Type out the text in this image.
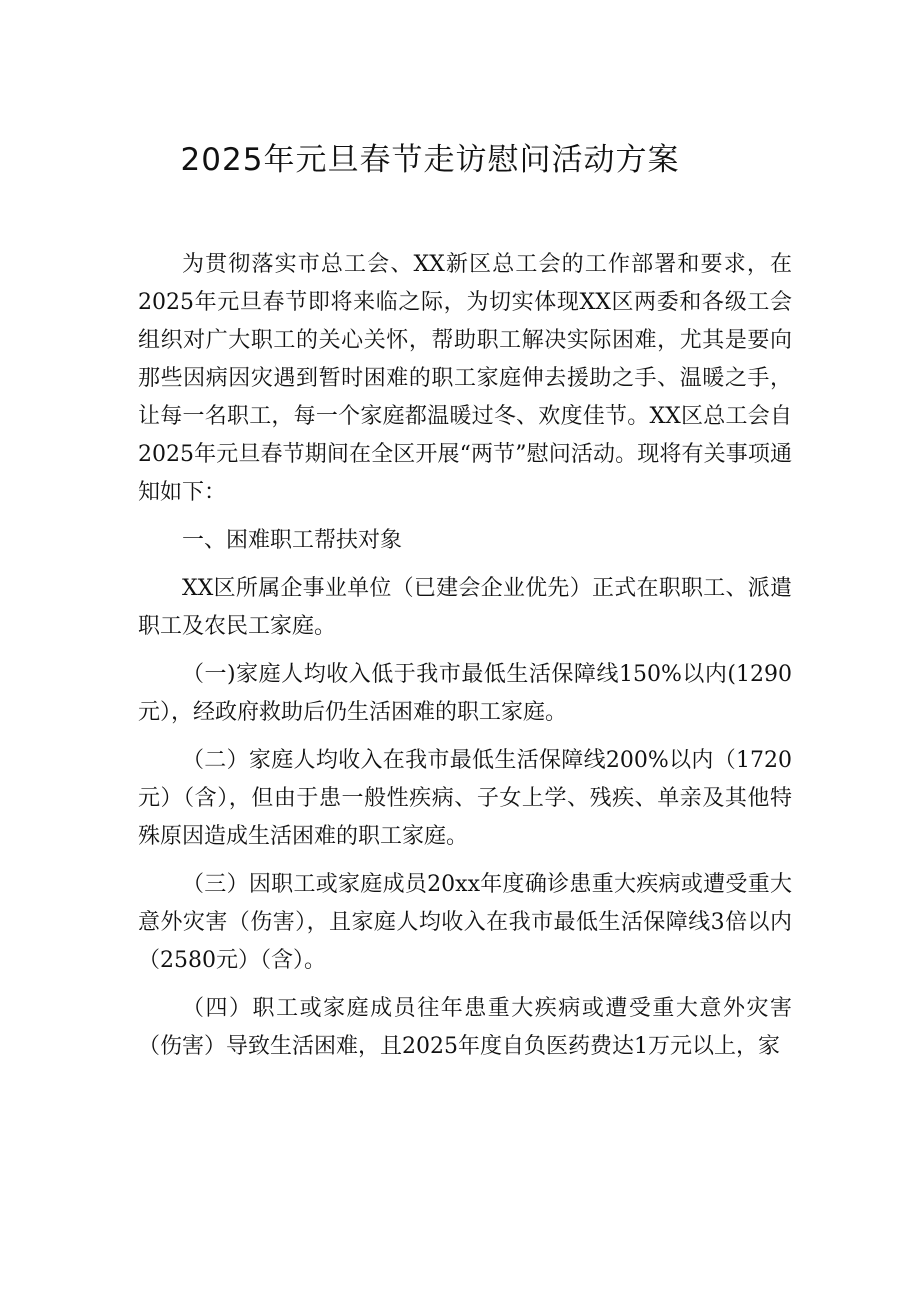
2025年元旦春节走访慰问活动方案

为贯彻落实市总工会、XX新区总工会的工作部署和要求，在2025年元旦春节即将来临之际，为切实体现XX区两委和各级工会组织对广大职工的关心关怀，帮助职工解决实际困难，尤其是要向那些因病因灾遇到暂时困难的职工家庭伸去援助之手、温暖之手，让每一名职工，每一个家庭都温暖过冬、欢度佳节。XX区总工会自2025年元旦春节期间在全区开展“两节”慰问活动。现将有关事项通知如下：

一、困难职工帮扶对象

XX区所属企事业单位（已建会企业优先）正式在职职工、派遣职工及农民工家庭。

（一)家庭人均收入低于我市最低生活保障线150%以内(1290元），经政府救助后仍生活困难的职工家庭。

（二）家庭人均收入在我市最低生活保障线200%以内（1720元）（含），但由于患一般性疾病、子女上学、残疾、单亲及其他特殊原因造成生活困难的职工家庭。

（三）因职工或家庭成员20xx年度确诊患重大疾病或遭受重大意外灾害（伤害），且家庭人均收入在我市最低生活保障线3倍以内（2580元）（含）。

（四）职工或家庭成员往年患重大疾病或遭受重大意外灾害（伤害）导致生活困难，且2025年度自负医药费达1万元以上，家
